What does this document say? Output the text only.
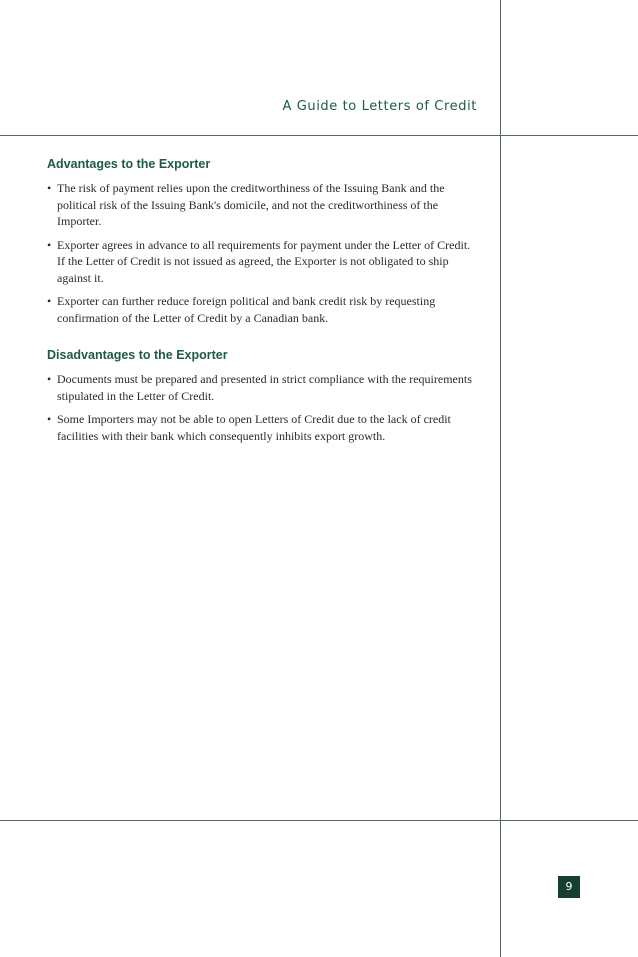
A Guide to Letters of Credit
Advantages to the Exporter
• The risk of payment relies upon the creditworthiness of the Issuing Bank and the political risk of the Issuing Bank's domicile, and not the creditworthiness of the Importer.
• Exporter agrees in advance to all requirements for payment under the Letter of Credit. If the Letter of Credit is not issued as agreed, the Exporter is not obligated to ship against it.
• Exporter can further reduce foreign political and bank credit risk by requesting confirmation of the Letter of Credit by a Canadian bank.
Disadvantages to the Exporter
• Documents must be prepared and presented in strict compliance with the requirements stipulated in the Letter of Credit.
• Some Importers may not be able to open Letters of Credit due to the lack of credit facilities with their bank which consequently inhibits export growth.
9
